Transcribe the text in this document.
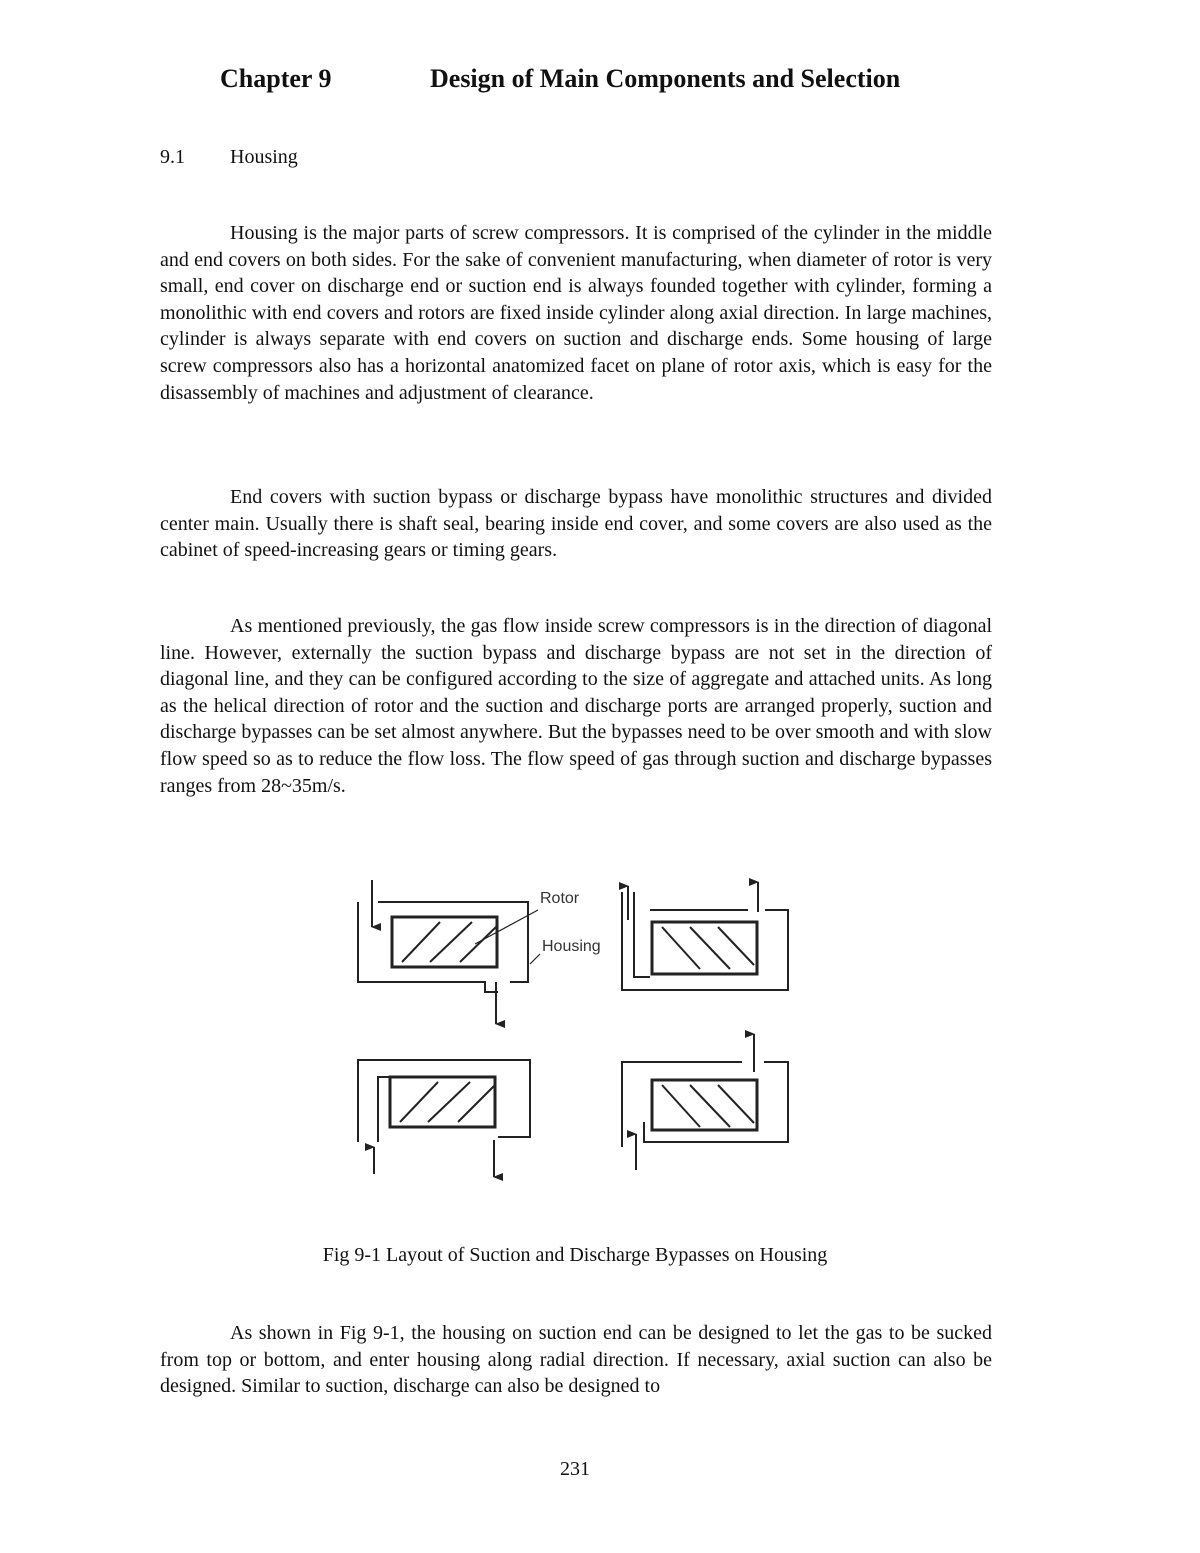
Chapter 9	Design of Main Components and Selection
9.1 Housing

Housing is the major parts of screw compressors. It is comprised of the cylinder in the middle and end covers on both sides. For the sake of convenient manufacturing, when diameter of rotor is very small, end cover on discharge end or suction end is always founded together with cylinder, forming a monolithic with end covers and rotors are fixed inside cylinder along axial direction. In large machines, cylinder is always separate with end covers on suction and discharge ends. Some housing of large screw compressors also has a horizontal anatomized facet on plane of rotor axis, which is easy for the disassembly of machines and adjustment of clearance.

End covers with suction bypass or discharge bypass have monolithic structures and divided center main. Usually there is shaft seal, bearing inside end cover, and some covers are also used as the cabinet of speed-increasing gears or timing gears.

As mentioned previously, the gas flow inside screw compressors is in the direction of diagonal line. However, externally the suction bypass and discharge bypass are not set in the direction of diagonal line, and they can be configured according to the size of aggregate and attached units. As long as the helical direction of rotor and the suction and discharge ports are arranged properly, suction and discharge bypasses can be set almost anywhere. But the bypasses need to be over smooth and with slow flow speed so as to reduce the flow loss. The flow speed of gas through suction and discharge bypasses ranges from 28~35m/s.

Rotor
Housing
Fig 9-1 Layout of Suction and Discharge Bypasses on Housing

As shown in Fig 9-1, the housing on suction end can be designed to let the gas to be sucked from top or bottom, and enter housing along radial direction. If necessary, axial suction can also be designed. Similar to suction, discharge can also be designed to

231
